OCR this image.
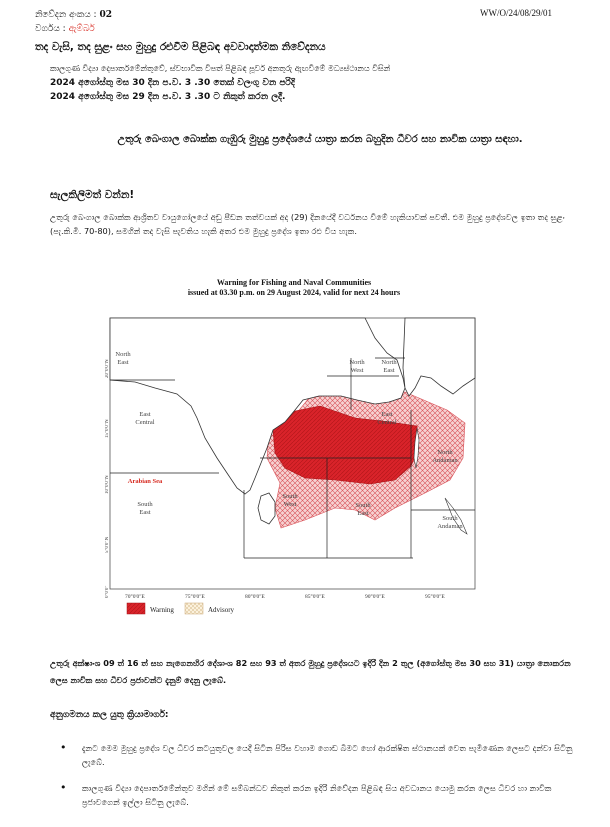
නිවේදන අංකය : 02
වර්ගය : ඇම්බර්
WW/O/24/08/29/01
තද වැසි, තද සුළං සහ මුහුදු රළුවීම පිළිබඳ අවවාදාත්මක නිවේදනය
කාලගුණ විද්‍යා දෙපාර්තමේන්තුවේ, ස්වභාවික විපත් පිළිබඳ පූර්ව අනතුරු ඇඟවීමේ මධ්‍යස්ථානය විසින්
2024 අගෝස්තු මස 30 දින ප.ව. 3 .30 තෙක් වලංගු වන පරිදි
2024 අගෝස්තු මස 29 දින ප.ව. 3 .30 ට නිකුත් කරන ලදී.
උතුරු බෙංගාල බොක්ක ගැඹුරු මුහුදු ප්‍රදේශයේ යාත්‍රා කරන බහුදින ධීවර සහ නාවික යාත්‍රා සඳහා.
සැලකිලිමත් වන්න!
උතුරු බෙංගාල බොක්ක ආශ්‍රිතව වායුගෝලයේ අඩු පීඩන තත්වයක් අද (29) දිනයේදී වර්ධනය වීමේ හැකියාවක් පවතී. එම මුහුදු ප්‍රදේශවල ඉතා තද සුළං (පැ.කි.මී. 70-80), සමගින් තද වැසි පැවතිය හැකි අතර එම මුහුදු ප්‍රදේශ ඉතා රළු විය හැක.
Warning for Fishing and Naval Communities
issued at 03.30 p.m. on 29 August 2024, valid for next 24 hours
70°0'0"E	75°0'0"E	80°0'0"E	85°0'0"E	90°0'0"E	95°0'0"E
20°0'0"N
15°0'0"N
10°0'0"N
5°0'0"N
0°0'0"
North
East
East
Central
Arabian Sea
South
East
South
West
North
West
North
East
East
Central
North
Andaman
South
East
South
Andaman
Warning	Advisory
උතුරු අක්ෂාංශ 09 ත් 16 ත් සහ නැගෙනහිර දේශාංශ 82 සහ 93 ත් අතර මුහුදු ප්‍රදේශයට ඉදිරි දින 2 තුල (අගෝස්තු මස 30 සහ 31) යාත්‍රා නොකරන ලෙස නාවික සහ ධීවර ප්‍රජාවන්ට දැනුම් දෙනු ලැබේ.
අනුගමනය කල යුතු ක්‍රියාමාර්ග:
• දැනට මෙම මුහුදු ප්‍රදේශ වල ධීවර කටයුතුවල යෙදී සිටින පිරිස වහාම ගොඩ බිමට හෝ ආරක්ෂිත ස්ථානයක් වෙත පැමිණෙන ලෙසට දන්වා සිටිනු ලැබේ.
• කාලගුණ විද්‍යා දෙපාර්තමේන්තුව මගින් මේ සම්බන්ධව නිකුත් කරන ඉදිරි නිවේදන පිළිබඳ සිය අවධානය යොමු කරන ලෙස ධීවර හා නාවික ප්‍රජාවගෙන් ඉල්ලා සිටිනු ලැබේ.
